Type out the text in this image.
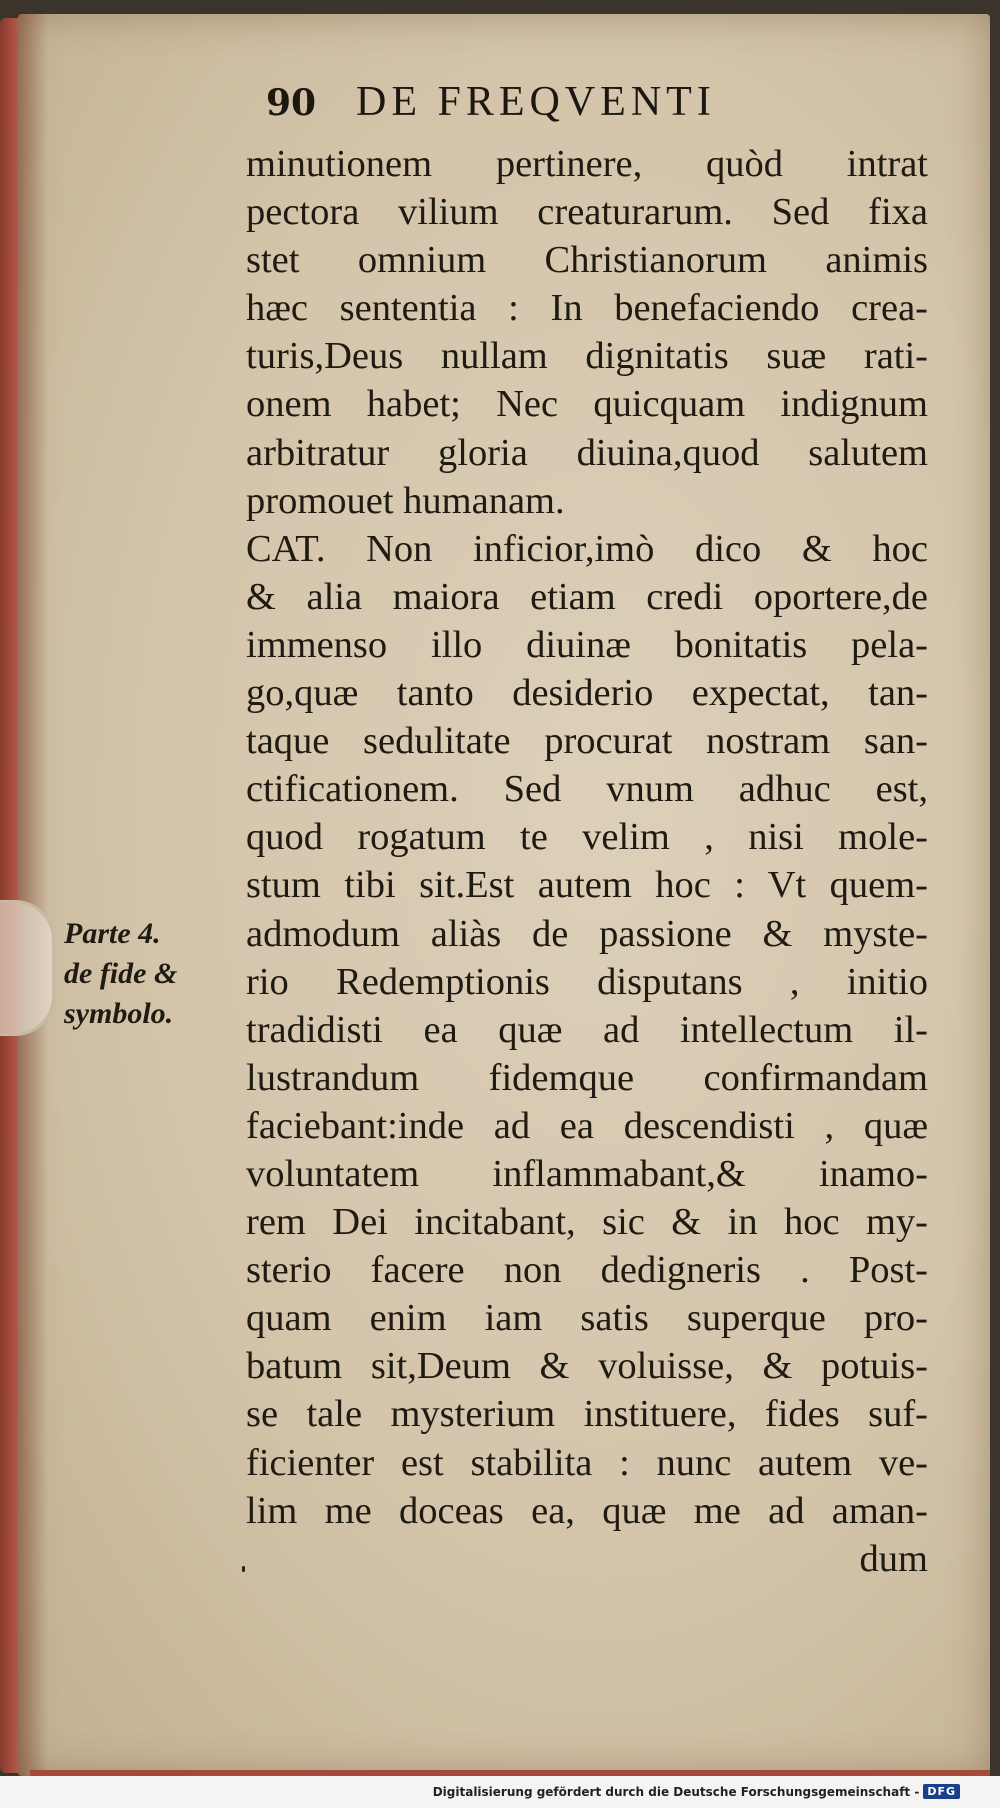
90 DE FREQVENTI
minutionem pertinere, quòd intrat
pectora vilium creaturarum. Sed fixa
stet omnium Christianorum animis
hæc sententia : In benefaciendo crea-
turis,Deus nullam dignitatis suæ rati-
onem habet; Nec quicquam indignum
arbitratur gloria diuina,quod salutem
promouet humanam.
CAT. Non inficior,imò dico & hoc
& alia maiora etiam credi oportere,de
immenso illo diuinæ bonitatis pela-
go,quæ tanto desiderio expectat, tan-
taque sedulitate procurat nostram san-
ctificationem. Sed vnum adhuc est,
quod rogatum te velim , nisi mole-
stum tibi sit.Est autem hoc : Vt quem-
admodum aliàs de passione & myste-
rio Redemptionis disputans , initio
tradidisti ea quæ ad intellectum il-
lustrandum fidemque confirmandam
faciebant:inde ad ea descendisti , quæ
voluntatem inflammabant,& inamo-
rem Dei incitabant, sic & in hoc my-
sterio facere non dedigneris . Post-
quam enim iam satis superque pro-
batum sit,Deum & voluisse, & potuis-
se tale mysterium instituere, fides suf-
ficienter est stabilita : nunc autem ve-
lim me doceas ea, quæ me ad aman-
dum
Parte 4.
de fide &
symbolo.
Digitalisierung gefördert durch die Deutsche Forschungsgemeinschaft - DFG
